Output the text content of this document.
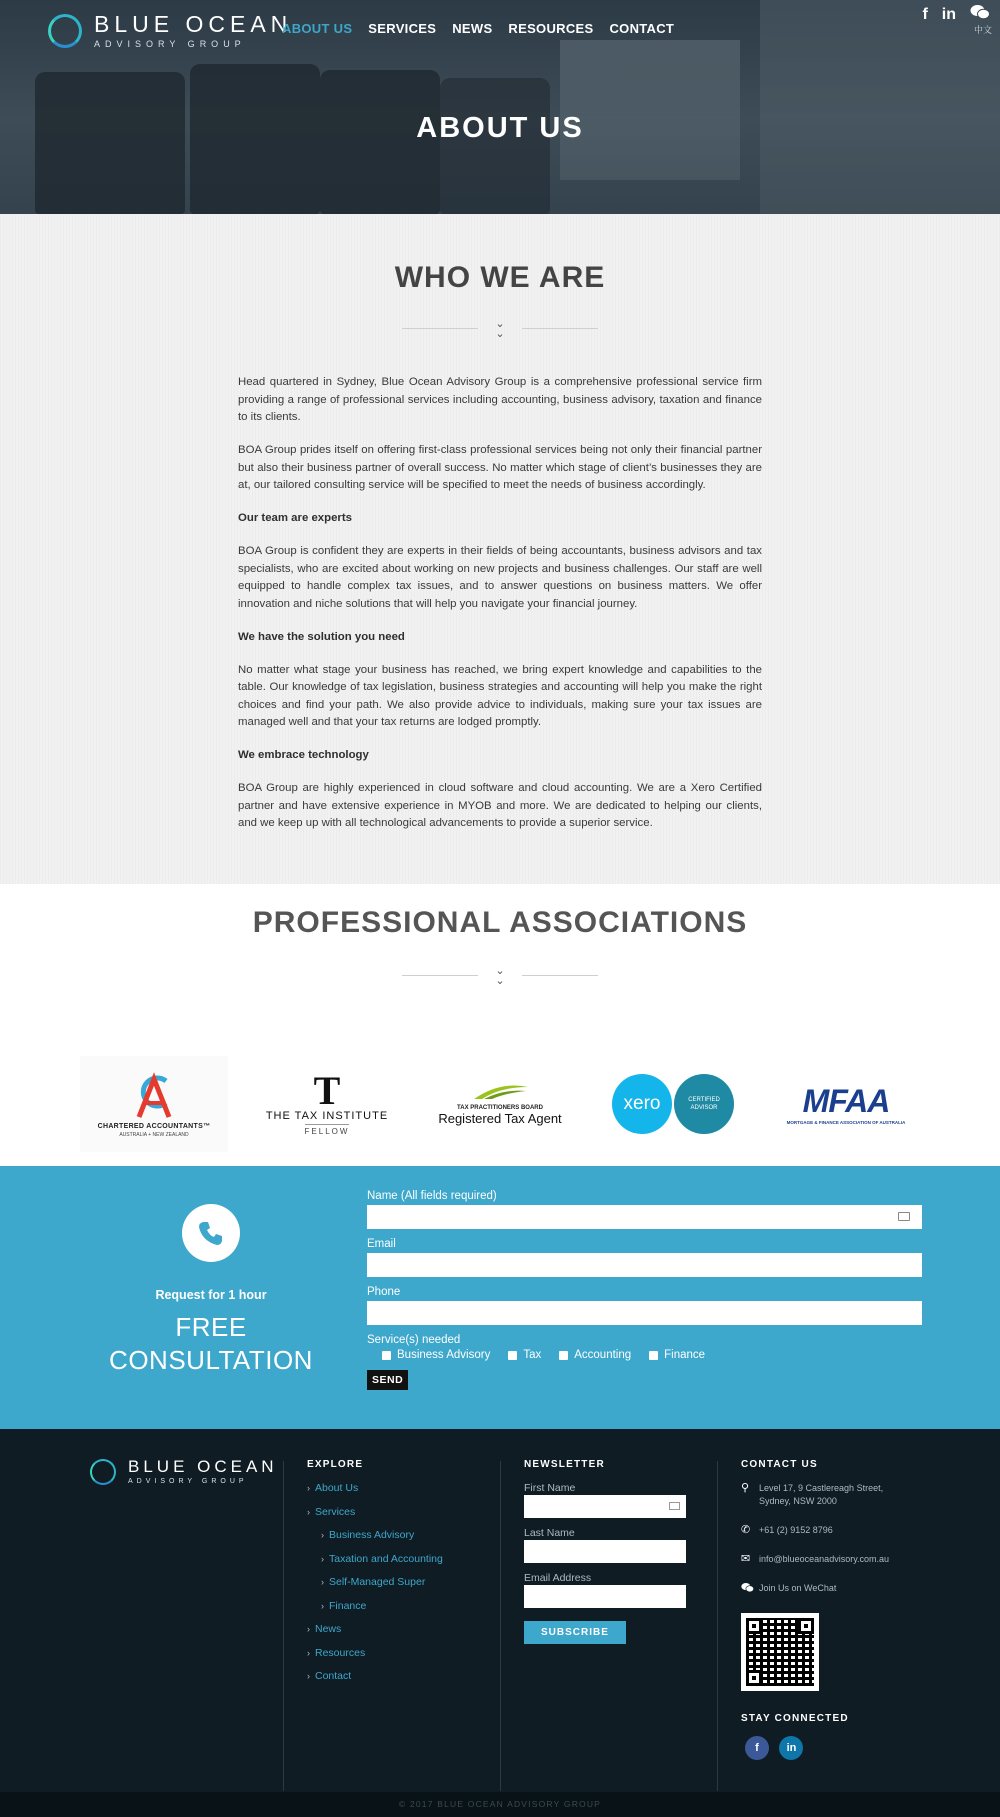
BLUE OCEAN
ADVISORY GROUP
ABOUT US SERVICES NEWS RESOURCES CONTACT
f in
中文
ABOUT US
WHO WE ARE
⌄
⌄

Head quartered in Sydney, Blue Ocean Advisory Group is a comprehensive professional service firm providing a range of professional services including accounting, business advisory, taxation and finance to its clients.

BOA Group prides itself on offering first-class professional services being not only their financial partner but also their business partner of overall success. No matter which stage of client’s businesses they are at, our tailored consulting service will be specified to meet the needs of business accordingly.

Our team are experts

BOA Group is confident they are experts in their fields of being accountants, business advisors and tax specialists, who are excited about working on new projects and business challenges. Our staff are well equipped to handle complex tax issues, and to answer questions on business matters. We offer innovation and niche solutions that will help you navigate your financial journey.

We have the solution you need

No matter what stage your business has reached, we bring expert knowledge and capabilities to the table. Our knowledge of tax legislation, business strategies and accounting will help you make the right choices and find your path. We also provide advice to individuals, making sure your tax issues are managed well and that your tax returns are lodged promptly.

We embrace technology

BOA Group are highly experienced in cloud software and cloud accounting. We are a Xero Certified partner and have extensive experience in MYOB and more. We are dedicated to helping our clients, and we keep up with all technological advancements to provide a superior service.

PROFESSIONAL ASSOCIATIONS
⌄
⌄
CHARTERED ACCOUNTANTS™
AUSTRALIA + NEW ZEALAND
T
THE TAX INSTITUTE
FELLOW
TAX PRACTITIONERS BOARD
Registered Tax Agent
xero	CERTIFIED
ADVISOR	MFAA
MORTGAGE & FINANCE ASSOCIATION OF AUSTRALIA
Request for 1 hour
FREE
CONSULTATION
Name (All fields required)
Email
Phone
Service(s) needed
Business Advisory	Tax	Accounting	Finance
SEND
BLUE OCEAN
ADVISORY GROUP
EXPLORE
› About Us
› Services
› Business Advisory
› Taxation and Accounting
› Self-Managed Super
› Finance
› News
› Resources
› Contact
NEWSLETTER
First Name
Last Name
Email Address
SUBSCRIBE
CONTACT US
⚲	Level 17, 9 Castlereagh Street,
Sydney, NSW 2000
✆ +61 (2) 9152 8796
✉ info@blueoceanadvisory.com.au
Join Us on WeChat
STAY CONNECTED
f	in
© 2017 BLUE OCEAN ADVISORY GROUP
